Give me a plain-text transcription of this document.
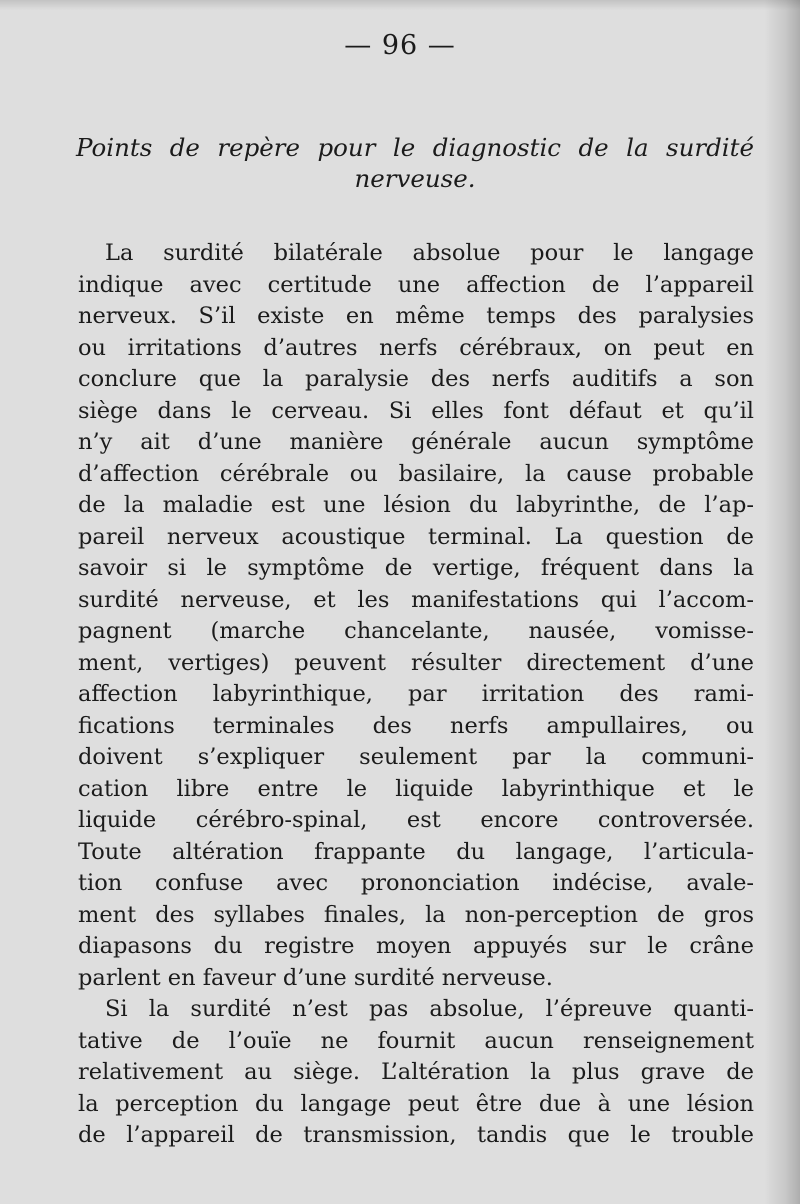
— 96 —
Points de repère pour le diagnostic de la surdité
nerveuse.
La surdité bilatérale absolue pour le langage
indique avec certitude une affection de l’appareil
nerveux. S’il existe en même temps des paralysies
ou irritations d’autres nerfs cérébraux, on peut en
conclure que la paralysie des nerfs auditifs a son
siège dans le cerveau. Si elles font défaut et qu’il
n’y ait d’une manière générale aucun symptôme
d’affection cérébrale ou basilaire, la cause probable
de la maladie est une lésion du labyrinthe, de l’ap-
pareil nerveux acoustique terminal. La question de
savoir si le symptôme de vertige, fréquent dans la
surdité nerveuse, et les manifestations qui l’accom-
pagnent (marche chancelante, nausée, vomisse-
ment, vertiges) peuvent résulter directement d’une
affection labyrinthique, par irritation des rami-
fications terminales des nerfs ampullaires, ou
doivent s’expliquer seulement par la communi-
cation libre entre le liquide labyrinthique et le
liquide cérébro-spinal, est encore controversée.
Toute altération frappante du langage, l’articula-
tion confuse avec prononciation indécise, avale-
ment des syllabes finales, la non-perception de gros
diapasons du registre moyen appuyés sur le crâne
parlent en faveur d’une surdité nerveuse.
Si la surdité n’est pas absolue, l’épreuve quanti-
tative de l’ouïe ne fournit aucun renseignement
relativement au siège. L’altération la plus grave de
la perception du langage peut être due à une lésion
de l’appareil de transmission, tandis que le trouble
